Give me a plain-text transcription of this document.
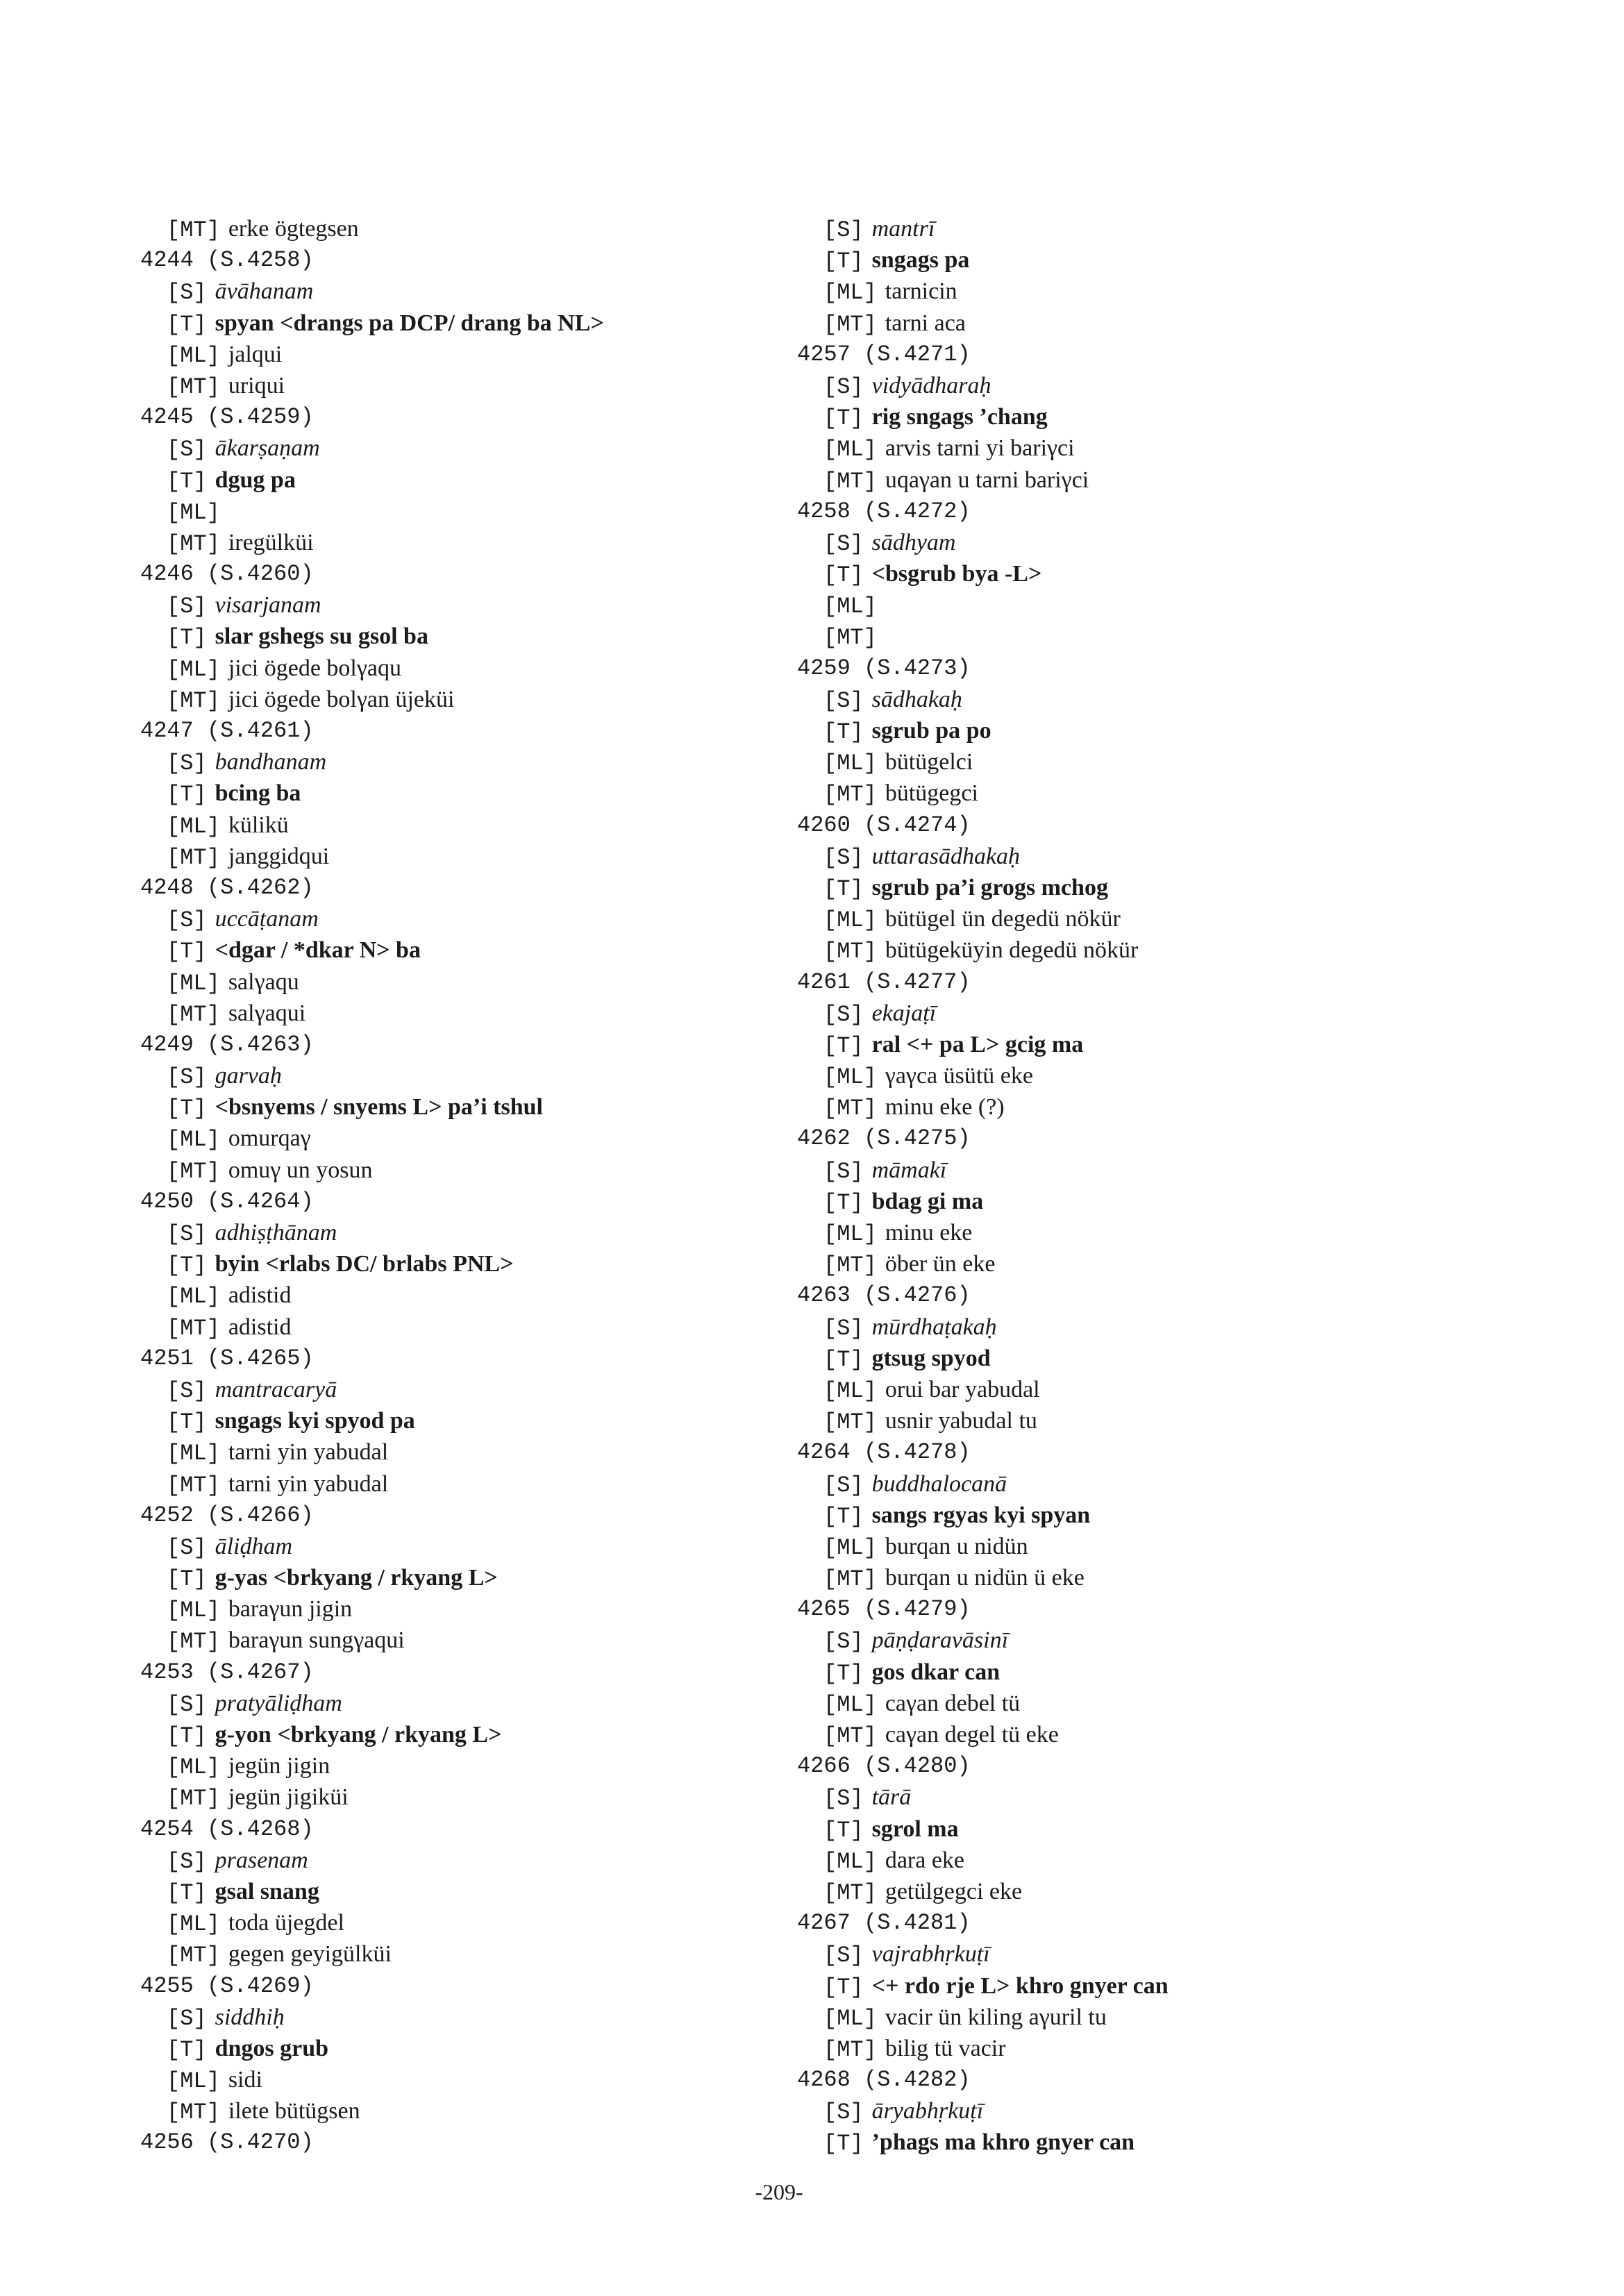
[MT] erke ögtegsen
4244 (S.4258)
[S] āvāhanam
[T] spyan <drangs pa DCP/ drang ba NL>
[ML] jalqui
[MT] uriqui
4245 (S.4259)
[S] ākarṣaṇam
[T] dgug pa
[ML]
[MT] iregülküi
4246 (S.4260)
[S] visarjanam
[T] slar gshegs su gsol ba
[ML] jici ögede bolγaqu
[MT] jici ögede bolγan üjeküi
4247 (S.4261)
[S] bandhanam
[T] bcing ba
[ML] külikü
[MT] janggidqui
4248 (S.4262)
[S] uccāṭanam
[T] <dgar / *dkar N> ba
[ML] salγaqu
[MT] salγaqui
4249 (S.4263)
[S] garvaḥ
[T] <bsnyems / snyems L> pa’i tshul
[ML] omurqaγ
[MT] omuγ un yosun
4250 (S.4264)
[S] adhiṣṭhānam
[T] byin <rlabs DC/ brlabs PNL>
[ML] adistid
[MT] adistid
4251 (S.4265)
[S] mantracaryā
[T] sngags kyi spyod pa
[ML] tarni yin yabudal
[MT] tarni yin yabudal
4252 (S.4266)
[S] āliḍham
[T] g-yas <brkyang / rkyang L>
[ML] baraγun jigin
[MT] baraγun sungγaqui
4253 (S.4267)
[S] pratyāliḍham
[T] g-yon <brkyang / rkyang L>
[ML] jegün jigin
[MT] jegün jigiküi
4254 (S.4268)
[S] prasenam
[T] gsal snang
[ML] toda üjegdel
[MT] gegen geyigülküi
4255 (S.4269)
[S] siddhiḥ
[T] dngos grub
[ML] sidi
[MT] ilete bütügsen
4256 (S.4270)
[S] mantrī
[T] sngags pa
[ML] tarnicin
[MT] tarni aca
4257 (S.4271)
[S] vidyādharaḥ
[T] rig sngags ’chang
[ML] arvis tarni yi bariγci
[MT] uqaγan u tarni bariγci
4258 (S.4272)
[S] sādhyam
[T] <bsgrub bya -L>
[ML]
[MT]
4259 (S.4273)
[S] sādhakaḥ
[T] sgrub pa po
[ML] bütügelci
[MT] bütügegci
4260 (S.4274)
[S] uttarasādhakaḥ
[T] sgrub pa’i grogs mchog
[ML] bütügel ün degedü nökür
[MT] bütügeküyin degedü nökür
4261 (S.4277)
[S] ekajaṭī
[T] ral <+ pa L> gcig ma
[ML] γaγca üsütü eke
[MT] minu eke (?)
4262 (S.4275)
[S] māmakī
[T] bdag gi ma
[ML] minu eke
[MT] öber ün eke
4263 (S.4276)
[S] mūrdhaṭakaḥ
[T] gtsug spyod
[ML] orui bar yabudal
[MT] usnir yabudal tu
4264 (S.4278)
[S] buddhalocanā
[T] sangs rgyas kyi spyan
[ML] burqan u nidün
[MT] burqan u nidün ü eke
4265 (S.4279)
[S] pāṇḍaravāsinī
[T] gos dkar can
[ML] caγan debel tü
[MT] caγan degel tü eke
4266 (S.4280)
[S] tārā
[T] sgrol ma
[ML] dara eke
[MT] getülgegci eke
4267 (S.4281)
[S] vajrabhṛkuṭī
[T] <+ rdo rje L> khro gnyer can
[ML] vacir ün kiling aγuril tu
[MT] bilig tü vacir
4268 (S.4282)
[S] āryabhṛkuṭī
[T] ’phags ma khro gnyer can
-209-
